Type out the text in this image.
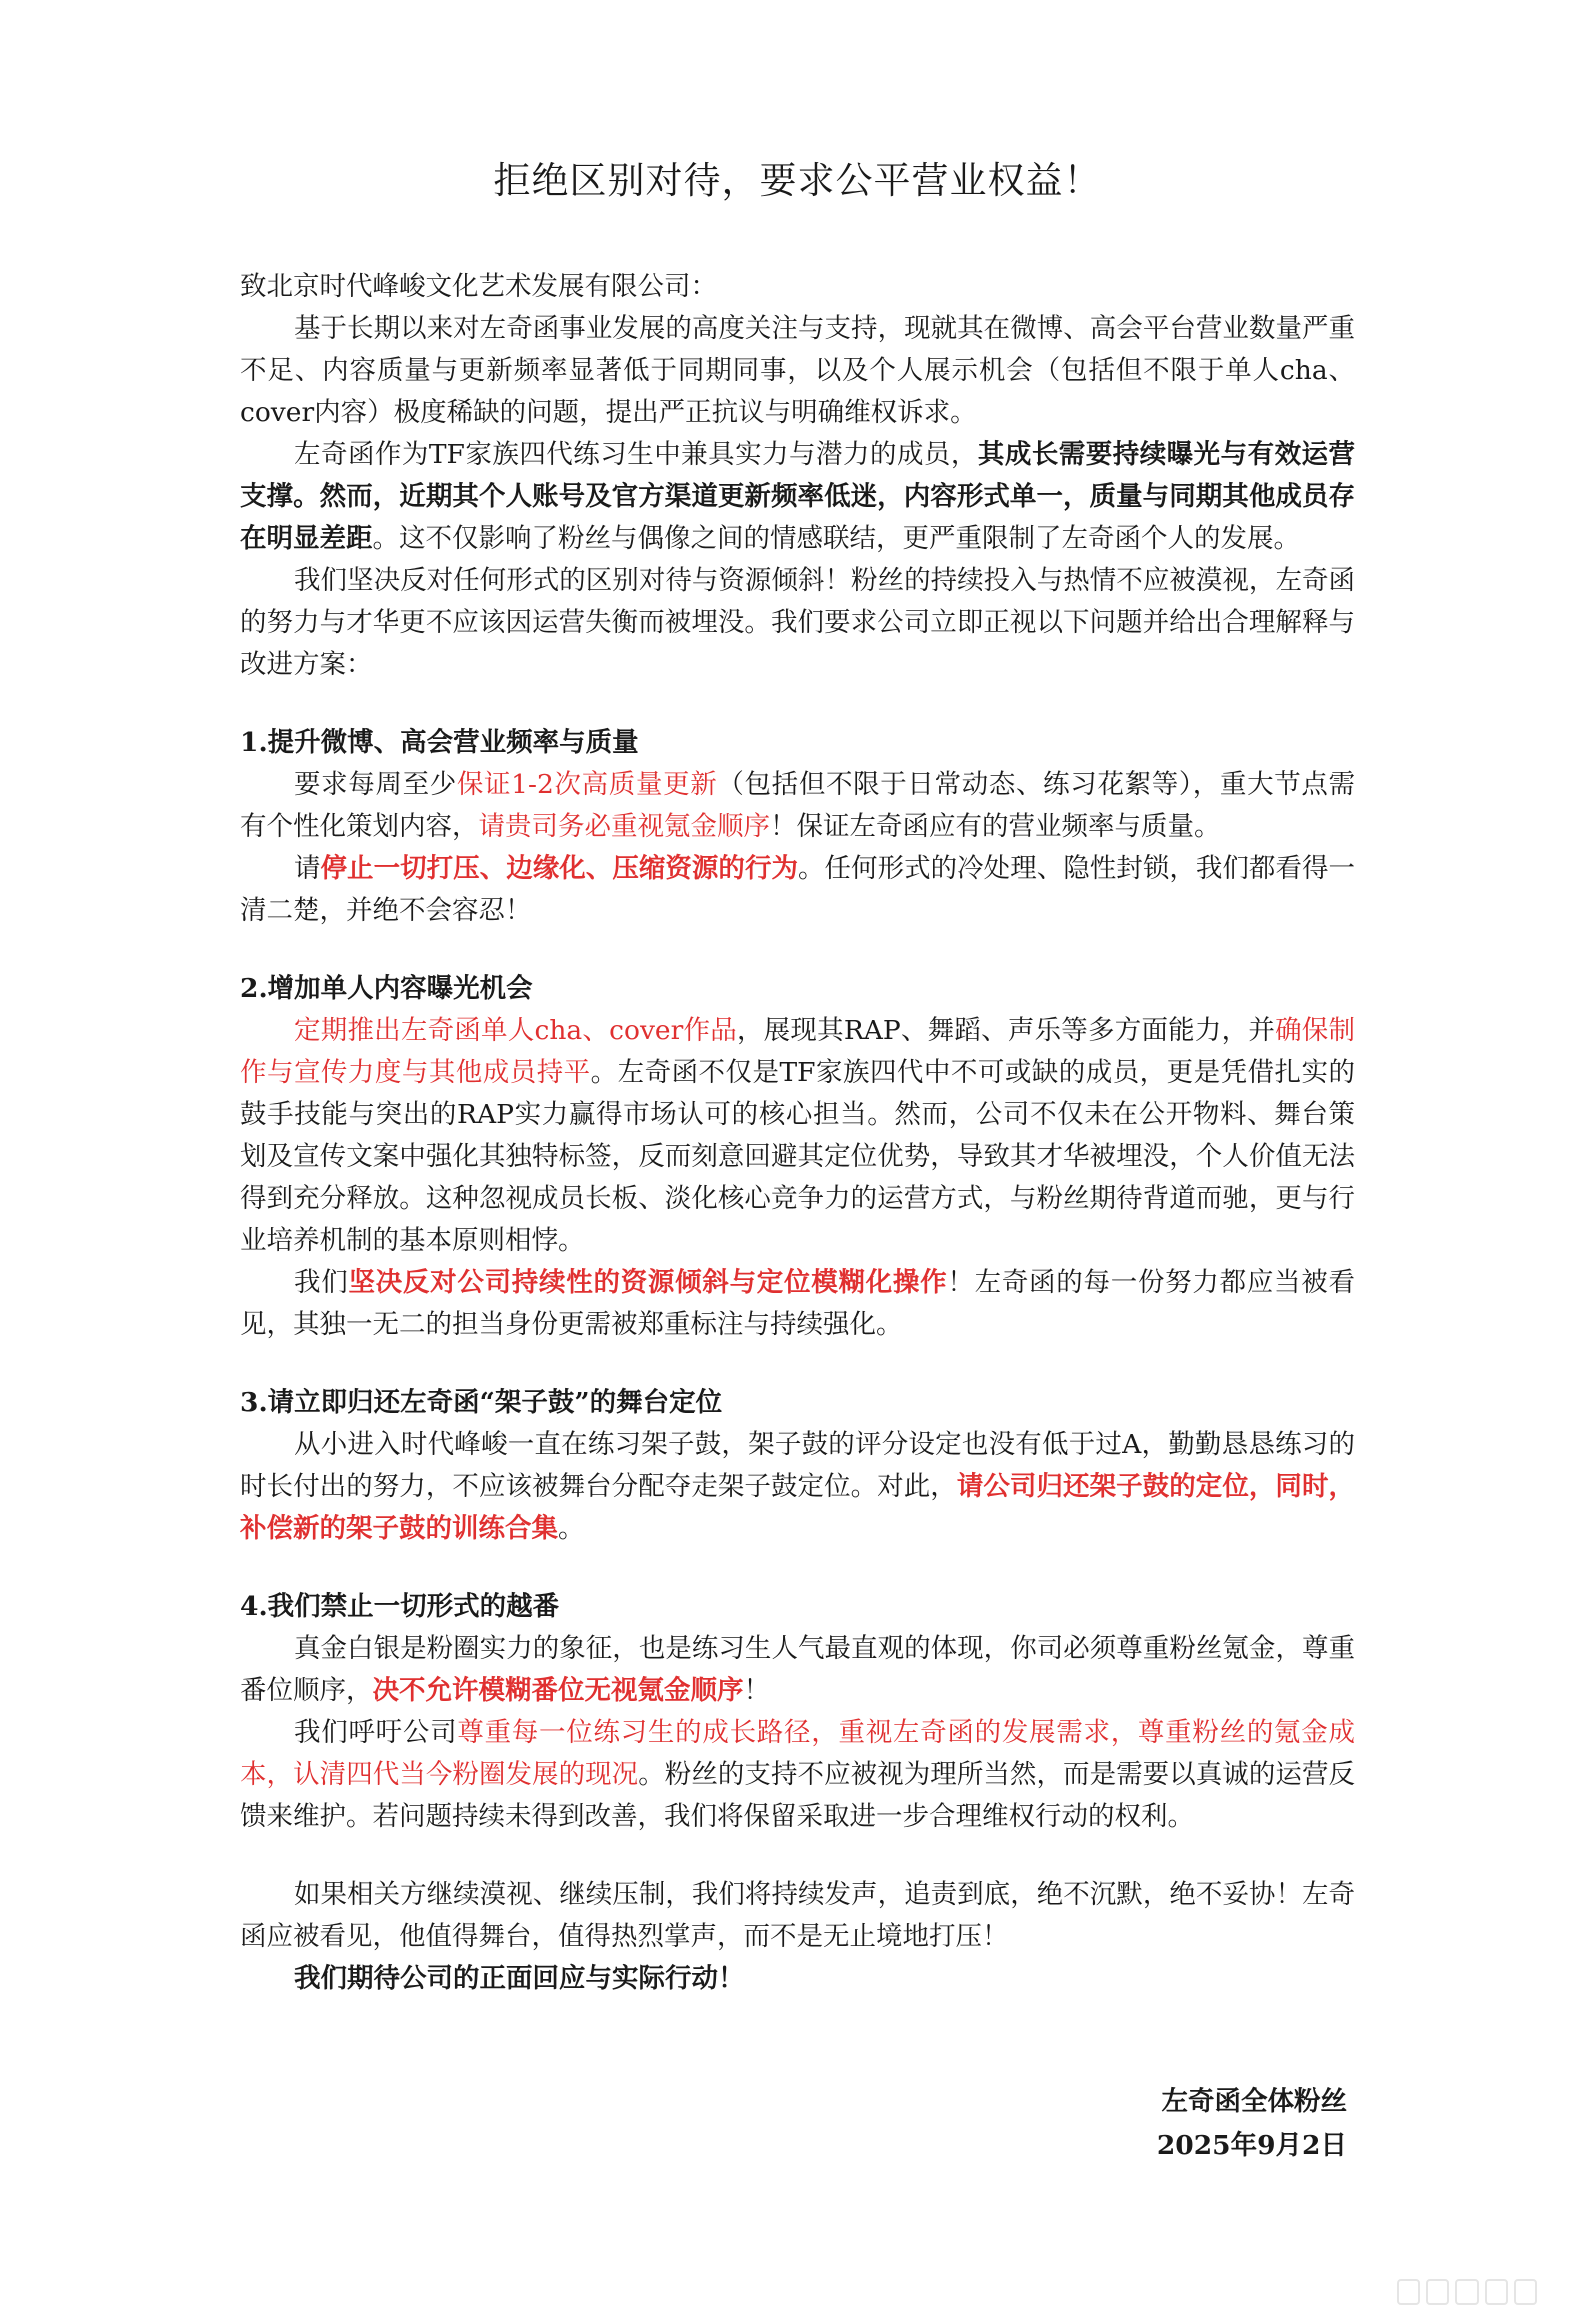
拒绝区别对待，要求公平营业权益！

致北京时代峰峻文化艺术发展有限公司：

基于长期以来对左奇函事业发展的高度关注与支持，现就其在微博、高会平台营业数量严重不足、内容质量与更新频率显著低于同期同事，以及个人展示机会（包括但不限于单人cha、cover内容）极度稀缺的问题，提出严正抗议与明确维权诉求。

左奇函作为TF家族四代练习生中兼具实力与潜力的成员，其成长需要持续曝光与有效运营支撑。然而，近期其个人账号及官方渠道更新频率低迷，内容形式单一，质量与同期其他成员存在明显差距。这不仅影响了粉丝与偶像之间的情感联结，更严重限制了左奇函个人的发展。

我们坚决反对任何形式的区别对待与资源倾斜！粉丝的持续投入与热情不应被漠视，左奇函的努力与才华更不应该因运营失衡而被埋没。我们要求公司立即正视以下问题并给出合理解释与改进方案：

1.提升微博、高会营业频率与质量

要求每周至少保证1-2次高质量更新（包括但不限于日常动态、练习花絮等），重大节点需有个性化策划内容，请贵司务必重视氪金顺序！保证左奇函应有的营业频率与质量。

请停止一切打压、边缘化、压缩资源的行为。任何形式的冷处理、隐性封锁，我们都看得一清二楚，并绝不会容忍！

2.增加单人内容曝光机会

定期推出左奇函单人cha、cover作品，展现其RAP、舞蹈、声乐等多方面能力，并确保制作与宣传力度与其他成员持平。左奇函不仅是TF家族四代中不可或缺的成员，更是凭借扎实的鼓手技能与突出的RAP实力赢得市场认可的核心担当。然而，公司不仅未在公开物料、舞台策划及宣传文案中强化其独特标签，反而刻意回避其定位优势，导致其才华被埋没，个人价值无法得到充分释放。这种忽视成员长板、淡化核心竞争力的运营方式，与粉丝期待背道而驰，更与行业培养机制的基本原则相悖。

我们坚决反对公司持续性的资源倾斜与定位模糊化操作！左奇函的每一份努力都应当被看见，其独一无二的担当身份更需被郑重标注与持续强化。

3.请立即归还左奇函“架子鼓”的舞台定位

从小进入时代峰峻一直在练习架子鼓，架子鼓的评分设定也没有低于过A，勤勤恳恳练习的时长付出的努力，不应该被舞台分配夺走架子鼓定位。对此，请公司归还架子鼓的定位，同时，补偿新的架子鼓的训练合集。

4.我们禁止一切形式的越番

真金白银是粉圈实力的象征，也是练习生人气最直观的体现，你司必须尊重粉丝氪金，尊重番位顺序，决不允许模糊番位无视氪金顺序！

我们呼吁公司尊重每一位练习生的成长路径，重视左奇函的发展需求，尊重粉丝的氪金成本，认清四代当今粉圈发展的现况。粉丝的支持不应被视为理所当然，而是需要以真诚的运营反馈来维护。若问题持续未得到改善，我们将保留采取进一步合理维权行动的权利。

如果相关方继续漠视、继续压制，我们将持续发声，追责到底，绝不沉默，绝不妥协！左奇函应被看见，他值得舞台，值得热烈掌声，而不是无止境地打压！

我们期待公司的正面回应与实际行动！

左奇函全体粉丝
2025年9月2日
